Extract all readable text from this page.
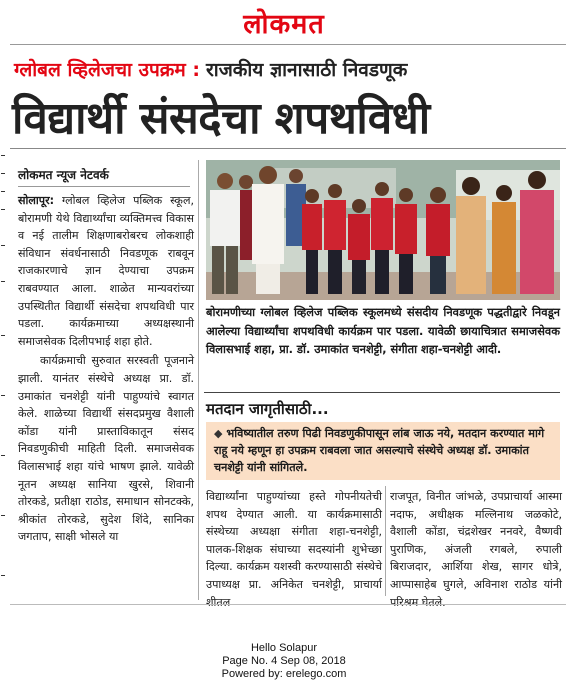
लोकमत
ग्लोबल व्हिलेजचा उपक्रम : राजकीय ज्ञानासाठी निवडणूक
विद्यार्थी संसदेचा शपथविधी
लोकमत न्यूज नेटवर्क

सोलापूर: ग्लोबल व्हिलेज पब्लिक स्कूल, बोरामणी येथे विद्यार्थ्यांचा व्यक्तिमत्त्व विकास व नई तालीम शिक्षणाबरोबरच लोकशाही संविधान संवर्धनासाठी निवडणूक राबवून राजकारणाचे ज्ञान देण्याचा उपक्रम राबवण्यात आला. शाळेत मान्यवरांच्या उपस्थितीत विद्यार्थी संसदेचा शपथविधी पार पडला. कार्यक्रमाच्या अध्यक्षस्थानी समाजसेवक दिलीपभाई शहा होते.

कार्यक्रमाची सुरुवात सरस्वती पूजनाने झाली. यानंतर संस्थेचे अध्यक्ष प्रा. डॉ. उमाकांत चनशेट्टी यांनी पाहुण्यांचे स्वागत केले. शाळेच्या विद्यार्थी संसदप्रमुख वैशाली कोंडा यांनी प्रास्ताविकातून संसद निवडणुकीची माहिती दिली. समाजसेवक विलासभाई शहा यांचे भाषण झाले. यावेळी नूतन अध्यक्ष सानिया खुरसे, शिवानी तोरकडे, प्रतीक्षा राठोड, समाधान सोनटक्के, श्रीकांत तोरकडे, सुदेश शिंदे, सानिका जगताप, साक्षी भोसले या

बोरामणीच्या ग्लोबल व्हिलेज पब्लिक स्कूलमध्ये संसदीय निवडणूक पद्धतीद्वारे निवडून आलेल्या विद्यार्थ्यांचा शपथविधी कार्यक्रम पार पडला. यावेळी छायाचित्रात समाजसेवक विलासभाई शहा, प्रा. डॉ. उमाकांत चनशेट्टी, संगीता शहा-चनशेट्टी आदी.
मतदान जागृतीसाठी...
◆ भविष्यातील तरुण पिढी निवडणुकीपासून लांब जाऊ नये, मतदान करण्यात मागे राहू नये म्हणून हा उपक्रम राबवला जात असल्याचे संस्थेचे अध्यक्ष डॉ. उमाकांत चनशेट्टी यांनी सांगितले.
विद्यार्थ्यांना पाहुण्यांच्या हस्ते गोपनीयतेची शपथ देण्यात आली. या कार्यक्रमासाठी संस्थेच्या अध्यक्षा संगीता शहा-चनशेट्टी, पालक-शिक्षक संघाच्या सदस्यांनी शुभेच्छा दिल्या. कार्यक्रम यशस्वी करण्यासाठी संस्थेचे उपाध्यक्ष प्रा. अनिकेत चनशेट्टी, प्राचार्या शीतल
राजपूत, विनीत जांभळे, उपप्राचार्या आस्मा नदाफ, अधीक्षक मल्लिनाथ जळकोटे, वैशाली कोंडा, चंद्रशेखर ननवरे, वैष्णवी पुराणिक, अंजली रगबले, रुपाली बिराजदार, आर्शिया शेख, सागर धोत्रे, आप्पासाहेब घुगले, अविनाश राठोड यांनी परिश्रम घेतले.
Hello Solapur
Page No. 4 Sep 08, 2018
Powered by: erelego.com
